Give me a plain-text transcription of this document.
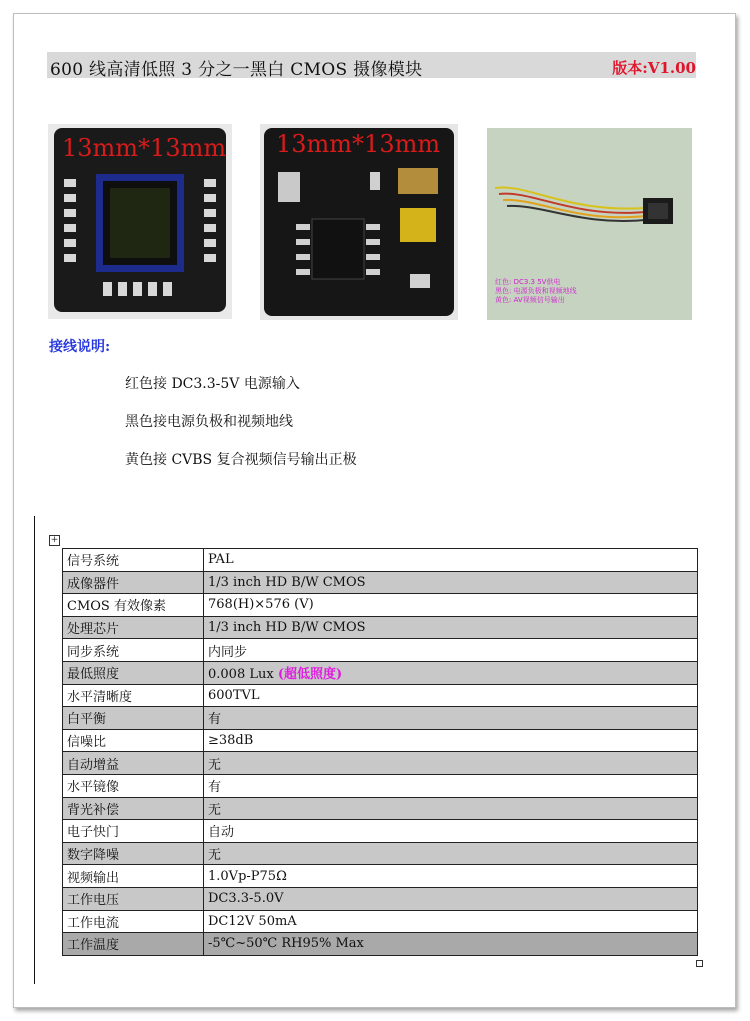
600 线高清低照 3 分之一黑白 CMOS 摄像模块	版本:V1.00
13mm*13mm 13mm*13mm
红色: DC3.3 5V供电
黑色: 电源负极和视频地线
黄色: AV视频信号输出
接线说明:
红色接 DC3.3-5V 电源输入
黑色接电源负极和视频地线
黄色接 CVBS 复合视频信号输出正极
+
信号系统	PAL
成像器件	1/3 inch HD B/W CMOS
CMOS 有效像素	768(H)×576 (V)
处理芯片	1/3 inch HD B/W CMOS
同步系统	内同步
最低照度	0.008 Lux (超低照度)
水平清晰度	600TVL
白平衡	有
信噪比	≥38dB
自动增益	无
水平镜像	有
背光补偿	无
电子快门	自动
数字降噪	无
视频输出	1.0Vp-P75Ω
工作电压	DC3.3-5.0V
工作电流	DC12V 50mA
工作温度	-5℃~50℃ RH95% Max
